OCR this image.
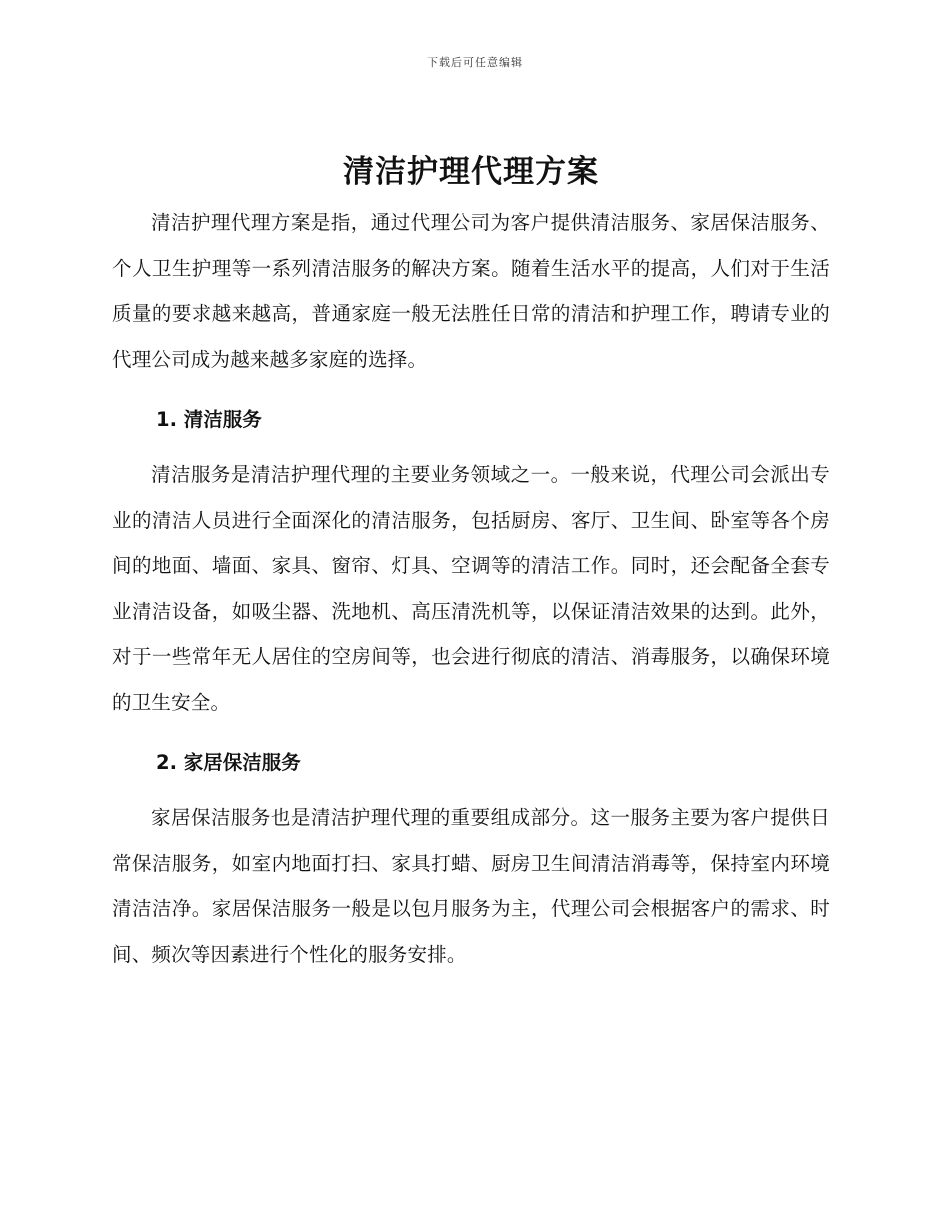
下载后可任意编辑
清洁护理代理方案

清洁护理代理方案是指，通过代理公司为客户提供清洁服务、家居保洁服务、个人卫生护理等一系列清洁服务的解决方案。随着生活水平的提高，人们对于生活质量的要求越来越高，普通家庭一般无法胜任日常的清洁和护理工作，聘请专业的代理公司成为越来越多家庭的选择。

1. 清洁服务

清洁服务是清洁护理代理的主要业务领域之一。一般来说，代理公司会派出专业的清洁人员进行全面深化的清洁服务，包括厨房、客厅、卫生间、卧室等各个房间的地面、墙面、家具、窗帘、灯具、空调等的清洁工作。同时，还会配备全套专业清洁设备，如吸尘器、洗地机、高压清洗机等，以保证清洁效果的达到。此外，对于一些常年无人居住的空房间等，也会进行彻底的清洁、消毒服务，以确保环境的卫生安全。

2. 家居保洁服务

家居保洁服务也是清洁护理代理的重要组成部分。这一服务主要为客户提供日常保洁服务，如室内地面打扫、家具打蜡、厨房卫生间清洁消毒等，保持室内环境清洁洁净。家居保洁服务一般是以包月服务为主，代理公司会根据客户的需求、时间、频次等因素进行个性化的服务安排。
